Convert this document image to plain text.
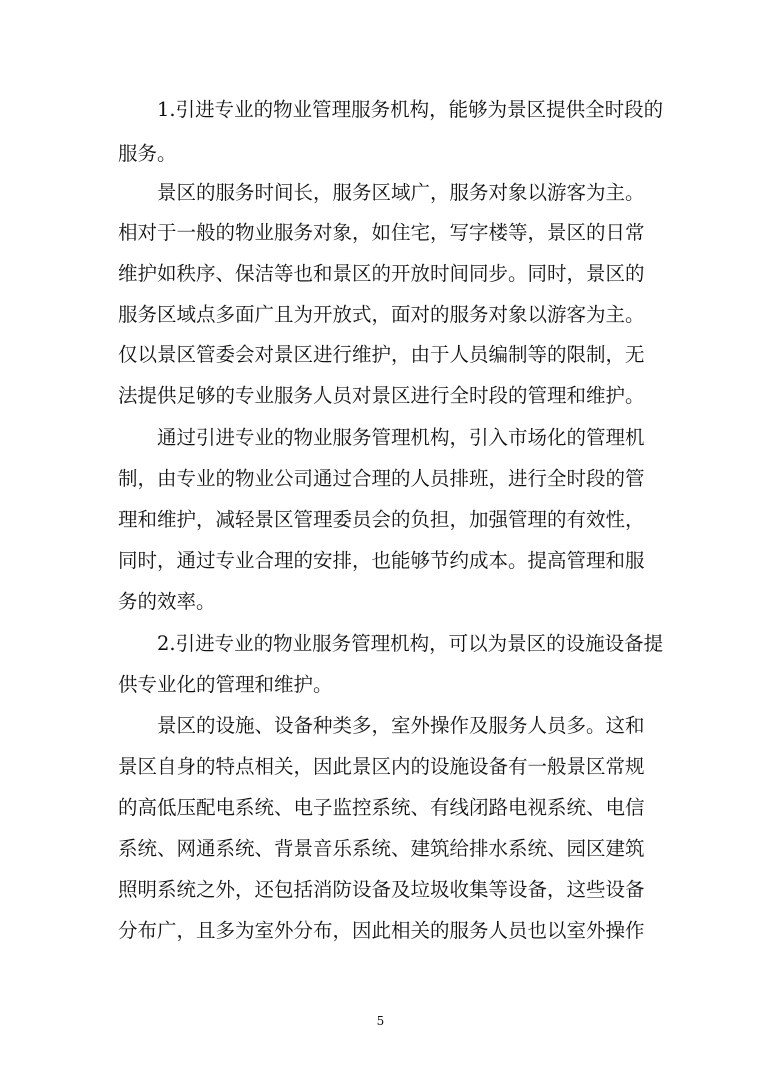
1.引进专业的物业管理服务机构，能够为景区提供全时段的
服务。
景区的服务时间长，服务区域广，服务对象以游客为主。
相对于一般的物业服务对象，如住宅，写字楼等，景区的日常
维护如秩序、保洁等也和景区的开放时间同步。同时，景区的
服务区域点多面广且为开放式，面对的服务对象以游客为主。
仅以景区管委会对景区进行维护，由于人员编制等的限制，无
法提供足够的专业服务人员对景区进行全时段的管理和维护。
通过引进专业的物业服务管理机构，引入市场化的管理机
制，由专业的物业公司通过合理的人员排班，进行全时段的管
理和维护，减轻景区管理委员会的负担，加强管理的有效性，
同时，通过专业合理的安排，也能够节约成本。提高管理和服
务的效率。
2.引进专业的物业服务管理机构，可以为景区的设施设备提
供专业化的管理和维护。
景区的设施、设备种类多，室外操作及服务人员多。这和
景区自身的特点相关，因此景区内的设施设备有一般景区常规
的高低压配电系统、电子监控系统、有线闭路电视系统、电信
系统、网通系统、背景音乐系统、建筑给排水系统、园区建筑
照明系统之外，还包括消防设备及垃圾收集等设备，这些设备
分布广，且多为室外分布，因此相关的服务人员也以室外操作
5
